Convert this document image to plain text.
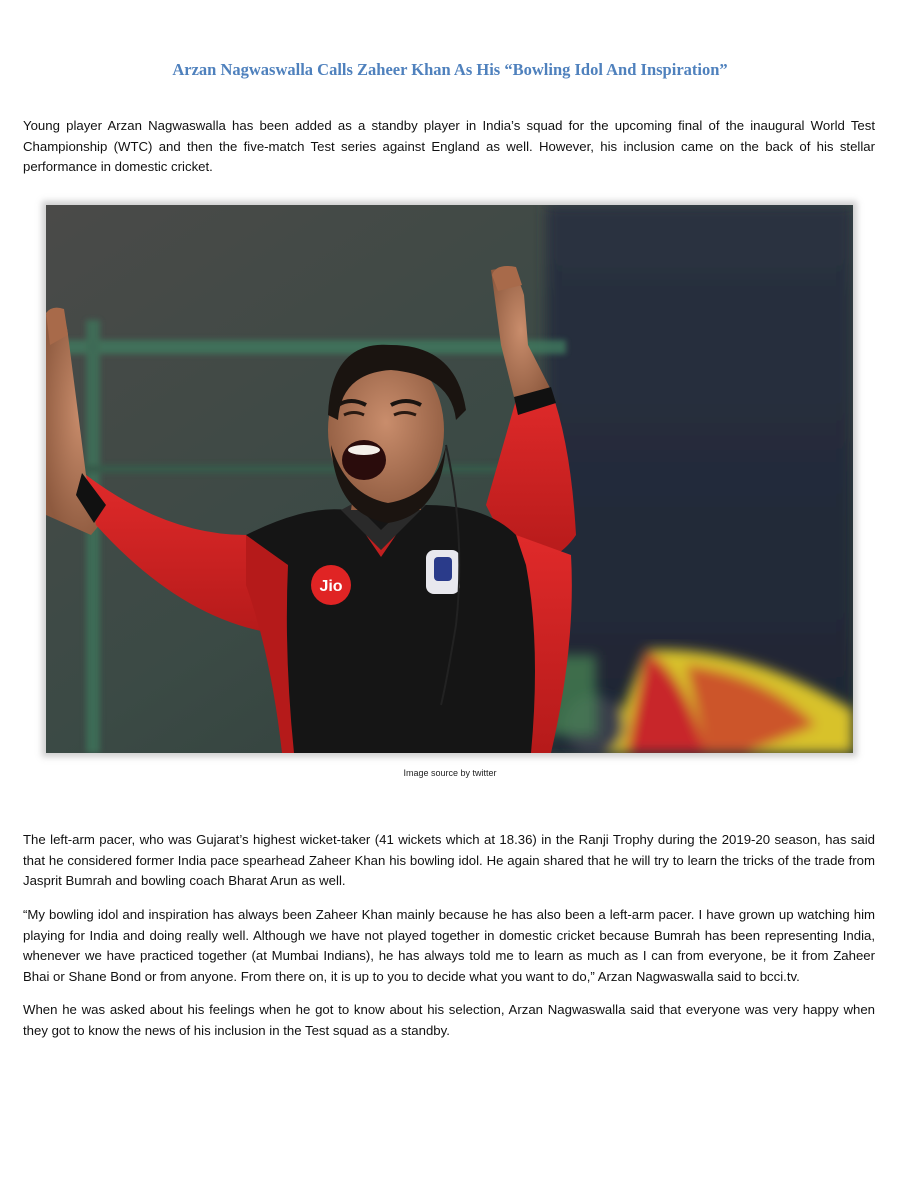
Arzan Nagwaswalla Calls Zaheer Khan As His “Bowling Idol And Inspiration”

Young player Arzan Nagwaswalla has been added as a standby player in India’s squad for the upcoming final of the inaugural World Test Championship (WTC) and then the five-match Test series against England as well. However, his inclusion came on the back of his stellar performance in domestic cricket.

Jio

Image source by twitter

The left-arm pacer, who was Gujarat’s highest wicket-taker (41 wickets which at 18.36) in the Ranji Trophy during the 2019-20 season, has said that he considered former India pace spearhead Zaheer Khan his bowling idol. He again shared that he will try to learn the tricks of the trade from Jasprit Bumrah and bowling coach Bharat Arun as well.

“My bowling idol and inspiration has always been Zaheer Khan mainly because he has also been a left-arm pacer. I have grown up watching him playing for India and doing really well. Although we have not played together in domestic cricket because Bumrah has been representing India, whenever we have practiced together (at Mumbai Indians), he has always told me to learn as much as I can from everyone, be it from Zaheer Bhai or Shane Bond or from anyone. From there on, it is up to you to decide what you want to do,” Arzan Nagwaswalla said to bcci.tv.

When he was asked about his feelings when he got to know about his selection, Arzan Nagwaswalla said that everyone was very happy when they got to know the news of his inclusion in the Test squad as a standby.
